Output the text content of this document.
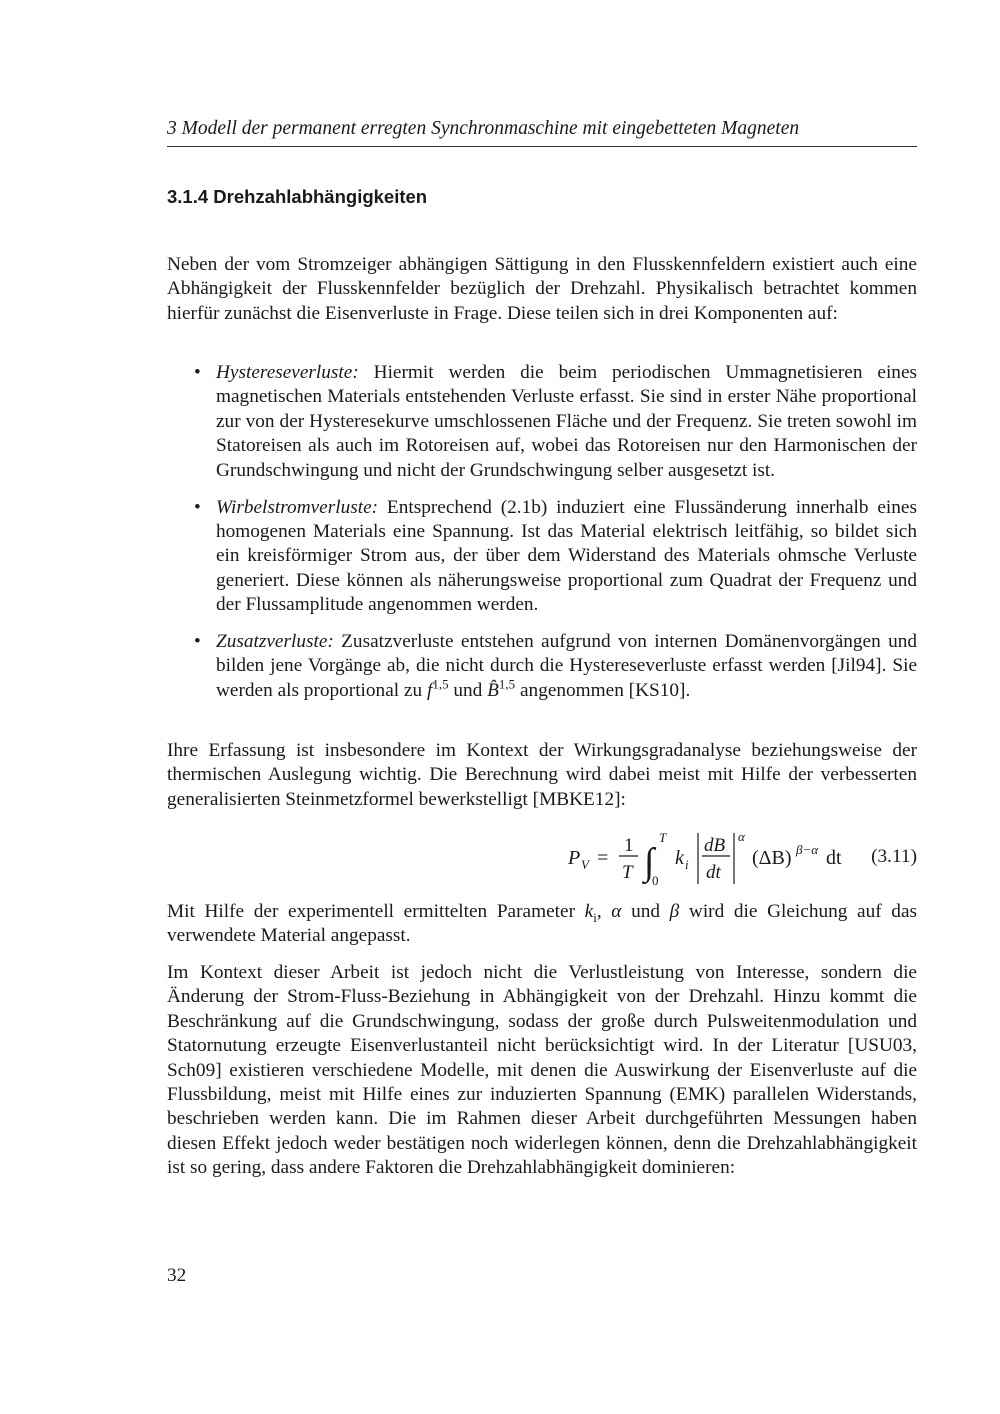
3 Modell der permanent erregten Synchronmaschine mit eingebetteten Magneten
3.1.4 Drehzahlabhängigkeiten

Neben der vom Stromzeiger abhängigen Sättigung in den Flusskennfeldern existiert auch eine Abhängigkeit der Flusskennfelder bezüglich der Drehzahl. Physikalisch betrachtet kommen hierfür zunächst die Eisenverluste in Frage. Diese teilen sich in drei Komponenten auf:

• Hystereseverluste: Hiermit werden die beim periodischen Ummagnetisieren eines magnetischen Materials entstehenden Verluste erfasst. Sie sind in erster Nähe proportional zur von der Hysteresekurve umschlossenen Fläche und der Frequenz. Sie treten sowohl im Statoreisen als auch im Rotoreisen auf, wobei das Rotoreisen nur den Harmonischen der Grundschwingung und nicht der Grundschwingung selber ausgesetzt ist.
• Wirbelstromverluste: Entsprechend (2.1b) induziert eine Flussänderung innerhalb eines homogenen Materials eine Spannung. Ist das Material elektrisch leitfähig, so bildet sich ein kreisförmiger Strom aus, der über dem Widerstand des Materials ohmsche Verluste generiert. Diese können als näherungsweise proportional zum Quadrat der Frequenz und der Flussamplitude angenommen werden.
• Zusatzverluste: Zusatzverluste entstehen aufgrund von internen Domänenvorgängen und bilden jene Vorgänge ab, die nicht durch die Hystereseverluste erfasst werden [Jil94]. Sie werden als proportional zu $f^{1,5}$ und B̂$^{1,5}$ angenommen [KS10].

Ihre Erfassung ist insbesondere im Kontext der Wirkungsgradanalyse beziehungsweise der thermischen Auslegung wichtig. Die Berechnung wird dabei meist mit Hilfe der verbesserten generalisierten Steinmetzformel bewerkstelligt [MBKE12]:

P V =
1
T ∫
T
0
k i
dB
dt
α
(ΔB) β−α dt (3.11)

Mit Hilfe der experimentell ermittelten Parameter $k_i$, α und β wird die Gleichung auf das verwendete Material angepasst.

Im Kontext dieser Arbeit ist jedoch nicht die Verlustleistung von Interesse, sondern die Änderung der Strom-Fluss-Beziehung in Abhängigkeit von der Drehzahl. Hinzu kommt die Beschränkung auf die Grundschwingung, sodass der große durch Pulsweitenmodulation und Statornutung erzeugte Eisenverlustanteil nicht berücksichtigt wird. In der Literatur [USU03, Sch09] existieren verschiedene Modelle, mit denen die Auswirkung der Eisenverluste auf die Flussbildung, meist mit Hilfe eines zur induzierten Spannung (EMK) parallelen Widerstands, beschrieben werden kann. Die im Rahmen dieser Arbeit durchgeführten Messungen haben diesen Effekt jedoch weder bestätigen noch widerlegen können, denn die Drehzahlabhängigkeit ist so gering, dass andere Faktoren die Drehzahlabhängigkeit dominieren:

32
